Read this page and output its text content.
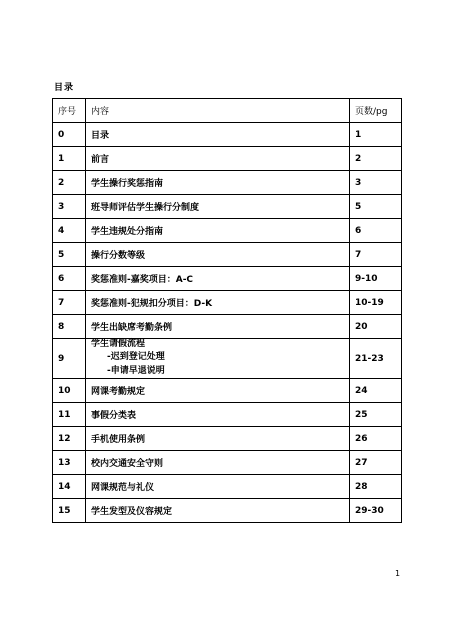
目录
序号	内容	页数/pg
0	目录	1
1	前言	2
2	学生操行奖惩指南	3
3	班导师评估学生操行分制度	5
4	学生违规处分指南	6
5	操行分数等级	7
6	奖惩准则-嘉奖项目：A-C	9-10
7	奖惩准则-犯规扣分项目：D-K	10-19
8	学生出缺席考勤条例	20
9	学生请假流程
-迟到登记处理
-申请早退说明	21-23
10	网课考勤规定	24
11	事假分类表	25
12	手机使用条例	26
13	校内交通安全守则	27
14	网课规范与礼仪	28
15	学生发型及仪容规定	29-30
1
